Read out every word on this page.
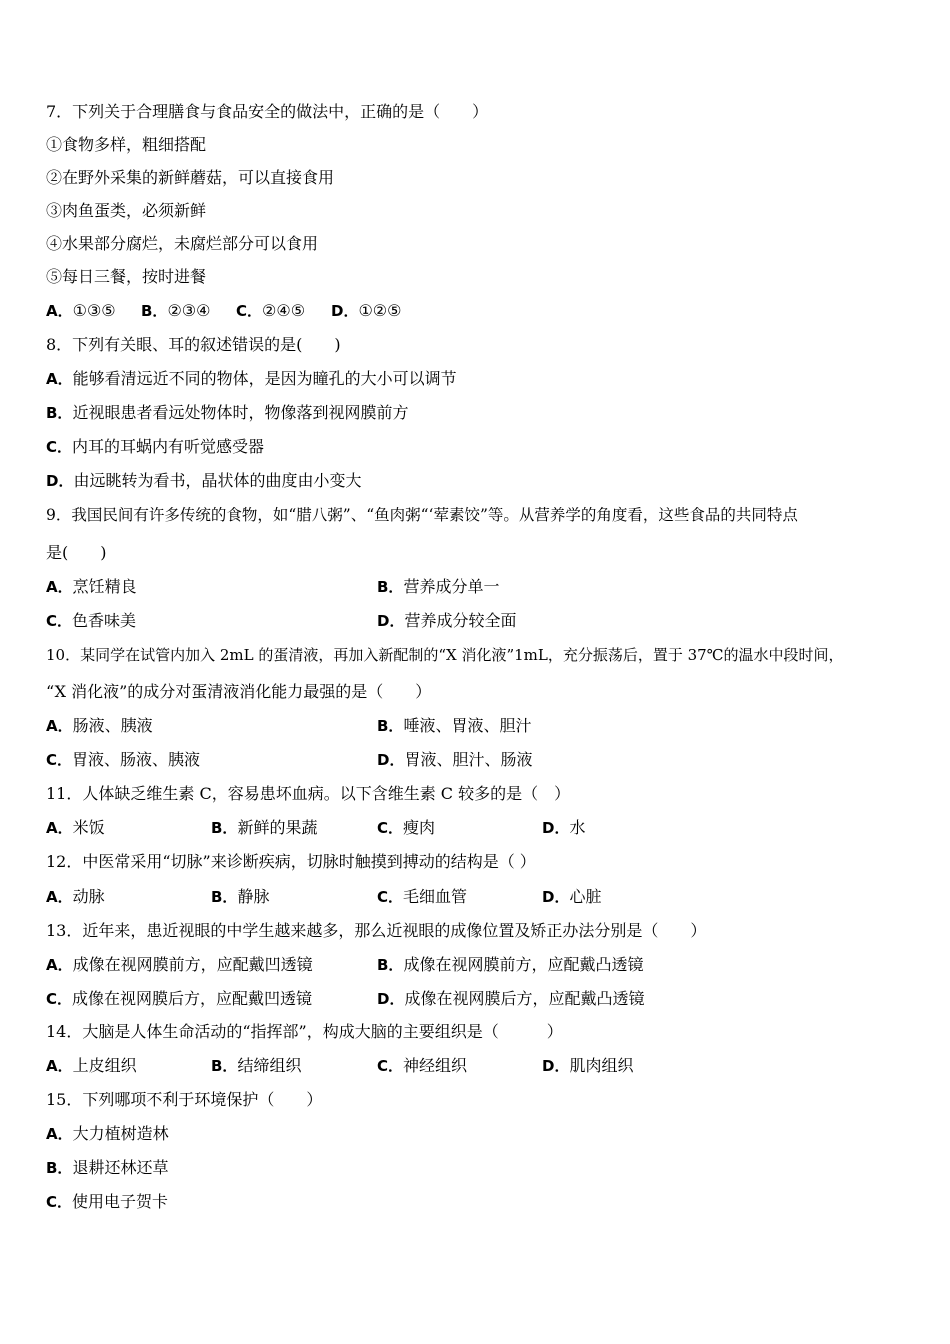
7．下列关于合理膳食与食品安全的做法中，正确的是（　　）
①食物多样，粗细搭配
②在野外采集的新鲜蘑菇，可以直接食用
③肉鱼蛋类，必须新鲜
④水果部分腐烂，未腐烂部分可以食用
⑤每日三餐，按时进餐
A．①③⑤ B．②③④ C．②④⑤ D．①②⑤
8．下列有关眼、耳的叙述错误的是(　　)
A．能够看清远近不同的物体，是因为瞳孔的大小可以调节
B．近视眼患者看远处物体时，物像落到视网膜前方
C．内耳的耳蜗内有听觉感受器
D．由远眺转为看书，晶状体的曲度由小变大
9．我国民间有许多传统的食物，如“腊八粥”、“鱼肉粥“‘荤素饺”等。从营养学的角度看，这些食品的共同特点
是(　　)
A．烹饪精良	B．营养成分单一
C．色香味美	D．营养成分较全面
10．某同学在试管内加入 2mL 的蛋清液，再加入新配制的“X 消化液”1mL，充分振荡后，置于 37℃的温水中段时间，
“X 消化液”的成分对蛋清液消化能力最强的是（　　）
A．肠液、胰液	B．唾液、胃液、胆汁
C．胃液、肠液、胰液	D．胃液、胆汁、肠液
11．人体缺乏维生素 C，容易患坏血病。以下含维生素 C 较多的是（　）
A．米饭	B．新鲜的果蔬	C．瘦肉	D．水
12．中医常采用“切脉”来诊断疾病，切脉时触摸到搏动的结构是（ ）
A．动脉	B．静脉	C．毛细血管	D．心脏
13．近年来，患近视眼的中学生越来越多，那么近视眼的成像位置及矫正办法分别是（　　）
A．成像在视网膜前方，应配戴凹透镜	B．成像在视网膜前方，应配戴凸透镜
C．成像在视网膜后方，应配戴凹透镜	D．成像在视网膜后方，应配戴凸透镜
14．大脑是人体生命活动的“指挥部”，构成大脑的主要组织是（　　　）
A．上皮组织	B．结缔组织	C．神经组织	D．肌肉组织
15．下列哪项不利于环境保护（　　）
A．大力植树造林
B．退耕还林还草
C．使用电子贺卡
